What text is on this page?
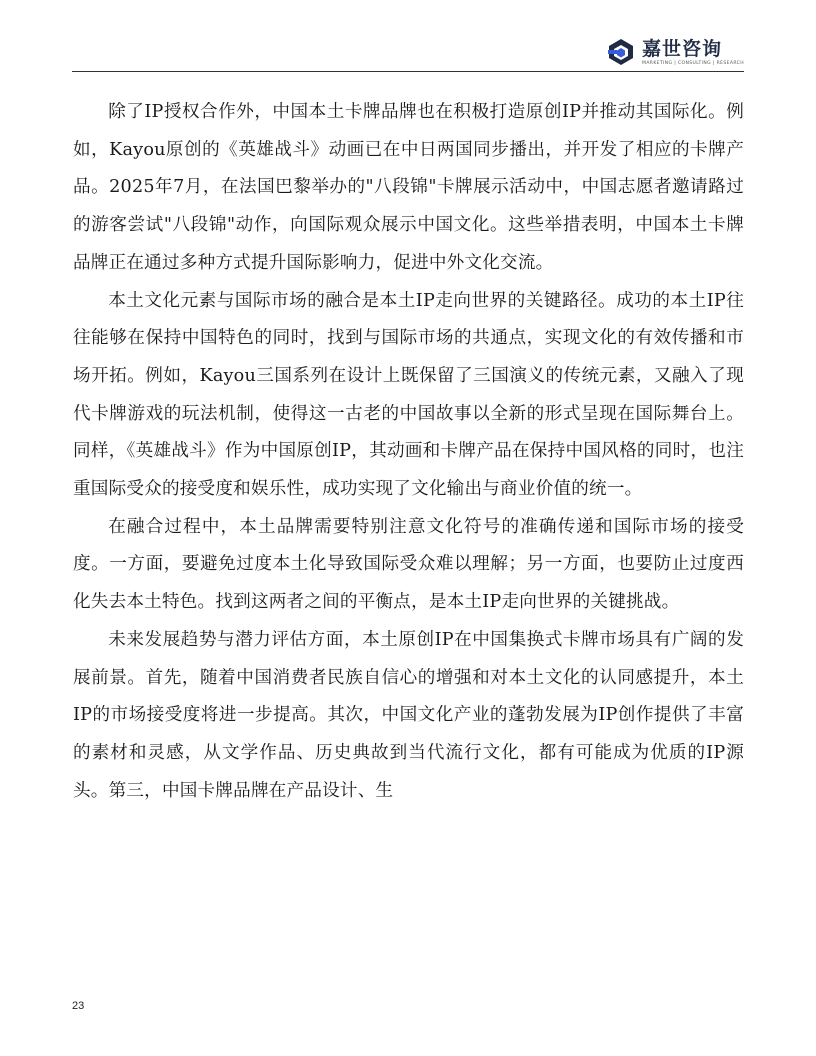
嘉世咨询
MARKETING | CONSULTING | RESEARCH

除了IP授权合作外，中国本土卡牌品牌也在积极打造原创IP并推动其国际化。例如，Kayou原创的《英雄战斗》动画已在中日两国同步播出，并开发了相应的卡牌产品。2025年7月，在法国巴黎举办的"八段锦"卡牌展示活动中，中国志愿者邀请路过的游客尝试"八段锦"动作，向国际观众展示中国文化。这些举措表明，中国本土卡牌品牌正在通过多种方式提升国际影响力，促进中外文化交流。

本土文化元素与国际市场的融合是本土IP走向世界的关键路径。成功的本土IP往往能够在保持中国特色的同时，找到与国际市场的共通点，实现文化的有效传播和市场开拓。例如，Kayou三国系列在设计上既保留了三国演义的传统元素，又融入了现代卡牌游戏的玩法机制，使得这一古老的中国故事以全新的形式呈现在国际舞台上。同样，《英雄战斗》作为中国原创IP，其动画和卡牌产品在保持中国风格的同时，也注重国际受众的接受度和娱乐性，成功实现了文化输出与商业价值的统一。

在融合过程中，本土品牌需要特别注意文化符号的准确传递和国际市场的接受度。一方面，要避免过度本土化导致国际受众难以理解；另一方面，也要防止过度西化失去本土特色。找到这两者之间的平衡点，是本土IP走向世界的关键挑战。

未来发展趋势与潜力评估方面，本土原创IP在中国集换式卡牌市场具有广阔的发展前景。首先，随着中国消费者民族自信心的增强和对本土文化的认同感提升，本土IP的市场接受度将进一步提高。其次，中国文化产业的蓬勃发展为IP创作提供了丰富的素材和灵感，从文学作品、历史典故到当代流行文化，都有可能成为优质的IP源头。第三，中国卡牌品牌在产品设计、生

23
